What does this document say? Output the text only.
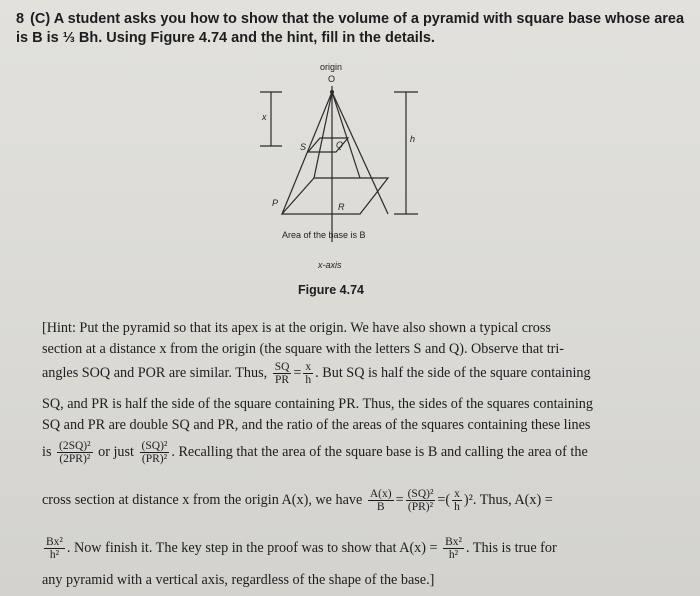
8 (C) A student asks you how to show that the volume of a pyramid with square base whose area is B is ⅓ Bh. Using Figure 4.74 and the hint, fill in the details.
origin
O
x
h
S	Q
P	R
Area of the base is B
x-axis
Figure 4.74
[Hint: Put the pyramid so that its apex is at the origin. We have also shown a typical cross
section at a distance x from the origin (the square with the letters S and Q). Observe that tri-
angles SOQ and POR are similar. Thus, $\frac{SQ}{PR} = \frac{x}{h}$ . But SQ is half the side of the square containing
SQ, and PR is half the side of the square containing PR. Thus, the sides of the squares containing
SQ and PR are double SQ and PR, and the ratio of the areas of the squares containing these lines
is $\frac{\text{(2SQ)²}}{\text{(2PR)²}}$ or just $\frac{\text{(SQ)²}}{\text{(PR)²}}$ . Recalling that the area of the square base is B and calling the area of the
cross section at distance x from the origin A(x), we have $\frac{A(x)}{B} = \frac{\text{(SQ)²}}{\text{(PR)²}}$ =( $\frac{x}{h} )^2$. Thus, A(x) =
$\frac{\text{Bx²}}{\text{h²}}$ . Now finish it. The key step in the proof was to show that $A(x) = \frac{\text{Bx²}}{\text{h²}}$ . This is true for
any pyramid with a vertical axis, regardless of the shape of the base.]
